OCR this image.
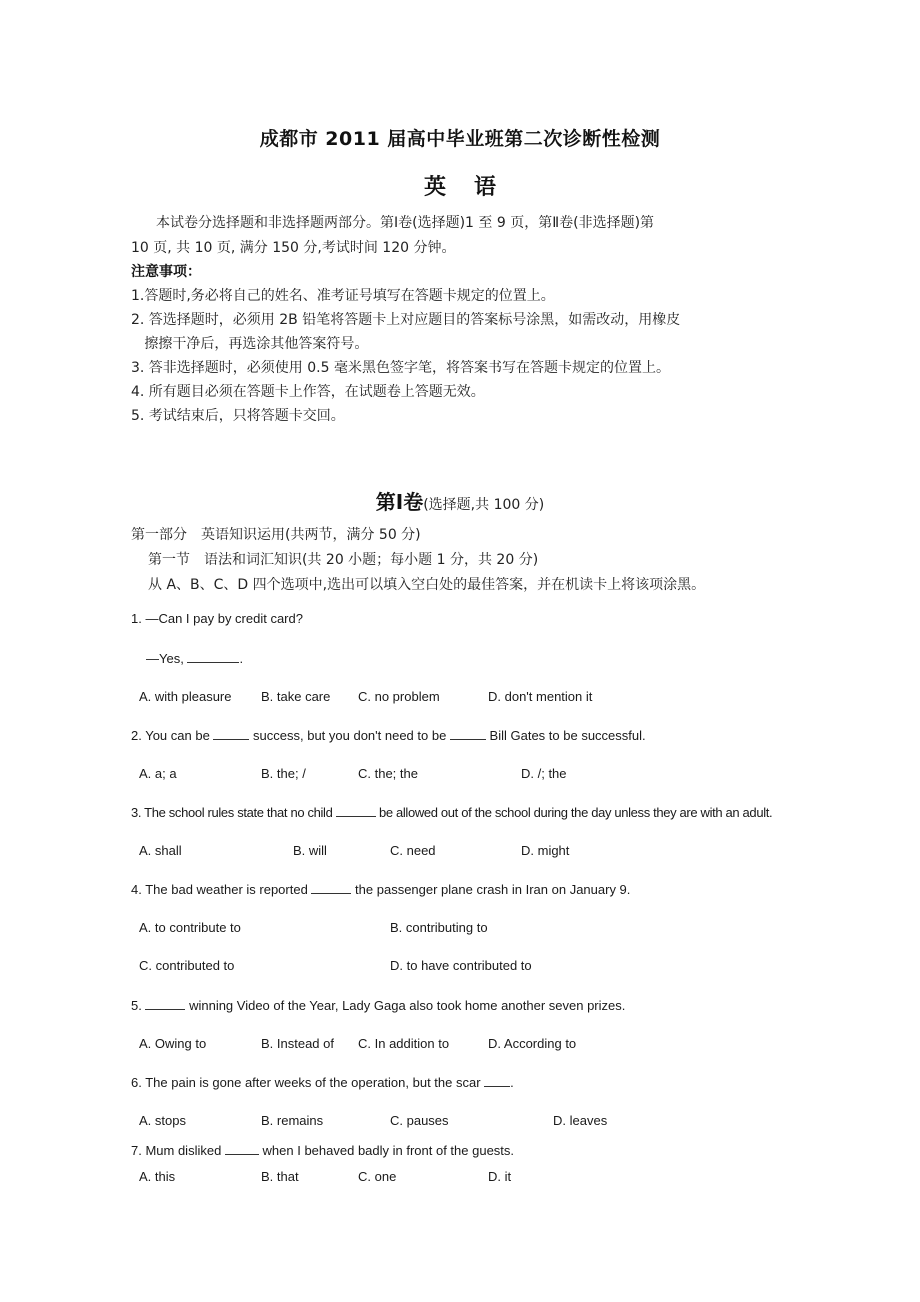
成都市 2011 届高中毕业班第二次诊断性检测
英语
本试卷分选择题和非选择题两部分。第Ⅰ卷(选择题)1 至 9 页，第Ⅱ卷(非选择题)第
10 页, 共 10 页, 满分 150 分,考试时间 120 分钟。
注意事项：
1.答题时,务必将自己的姓名、准考证号填写在答题卡规定的位置上。
2. 答选择题时，必须用 2B 铅笔将答题卡上对应题目的答案标号涂黑，如需改动，用橡皮
擦擦干净后，再选涂其他答案符号。
3. 答非选择题时，必须使用 0.5 毫米黑色签字笔，将答案书写在答题卡规定的位置上。
4. 所有题目必须在答题卡上作答，在试题卷上答题无效。
5. 考试结束后，只将答题卡交回。
第Ⅰ卷(选择题,共 100 分)
第一部分　英语知识运用(共两节，满分 50 分)
第一节　语法和词汇知识(共 20 小题；每小题 1 分，共 20 分)
从 A、B、C、D 四个选项中,选出可以填入空白处的最佳答案，并在机读卡上将该项涂黑。
1. —Can I pay by credit card?
—Yes,	.
A. with pleasure B. take care C. no problem	D. don't mention it
2. You can be	success, but you don't need to be	Bill Gates to be successful.
A. a; a	B. the; /	C. the; the	D. /; the
3. The school rules state that no child	be allowed out of the school during the day unless they are with an adult.
A. shall	B. will	C. need	D. might
4. The bad weather is reported	the passenger plane crash in Iran on January 9.
A. to contribute to	B. contributing to
C. contributed to	D. to have contributed to
5.	winning Video of the Year, Lady Gaga also took home another seven prizes.
A. Owing to	B. Instead of C. In addition to	D. According to
6. The pain is gone after weeks of the operation, but the scar .
A. stops	B. remains	C. pauses	D. leaves
7. Mum disliked	when I behaved badly in front of the guests.
A. this	B. that	C. one	D. it
